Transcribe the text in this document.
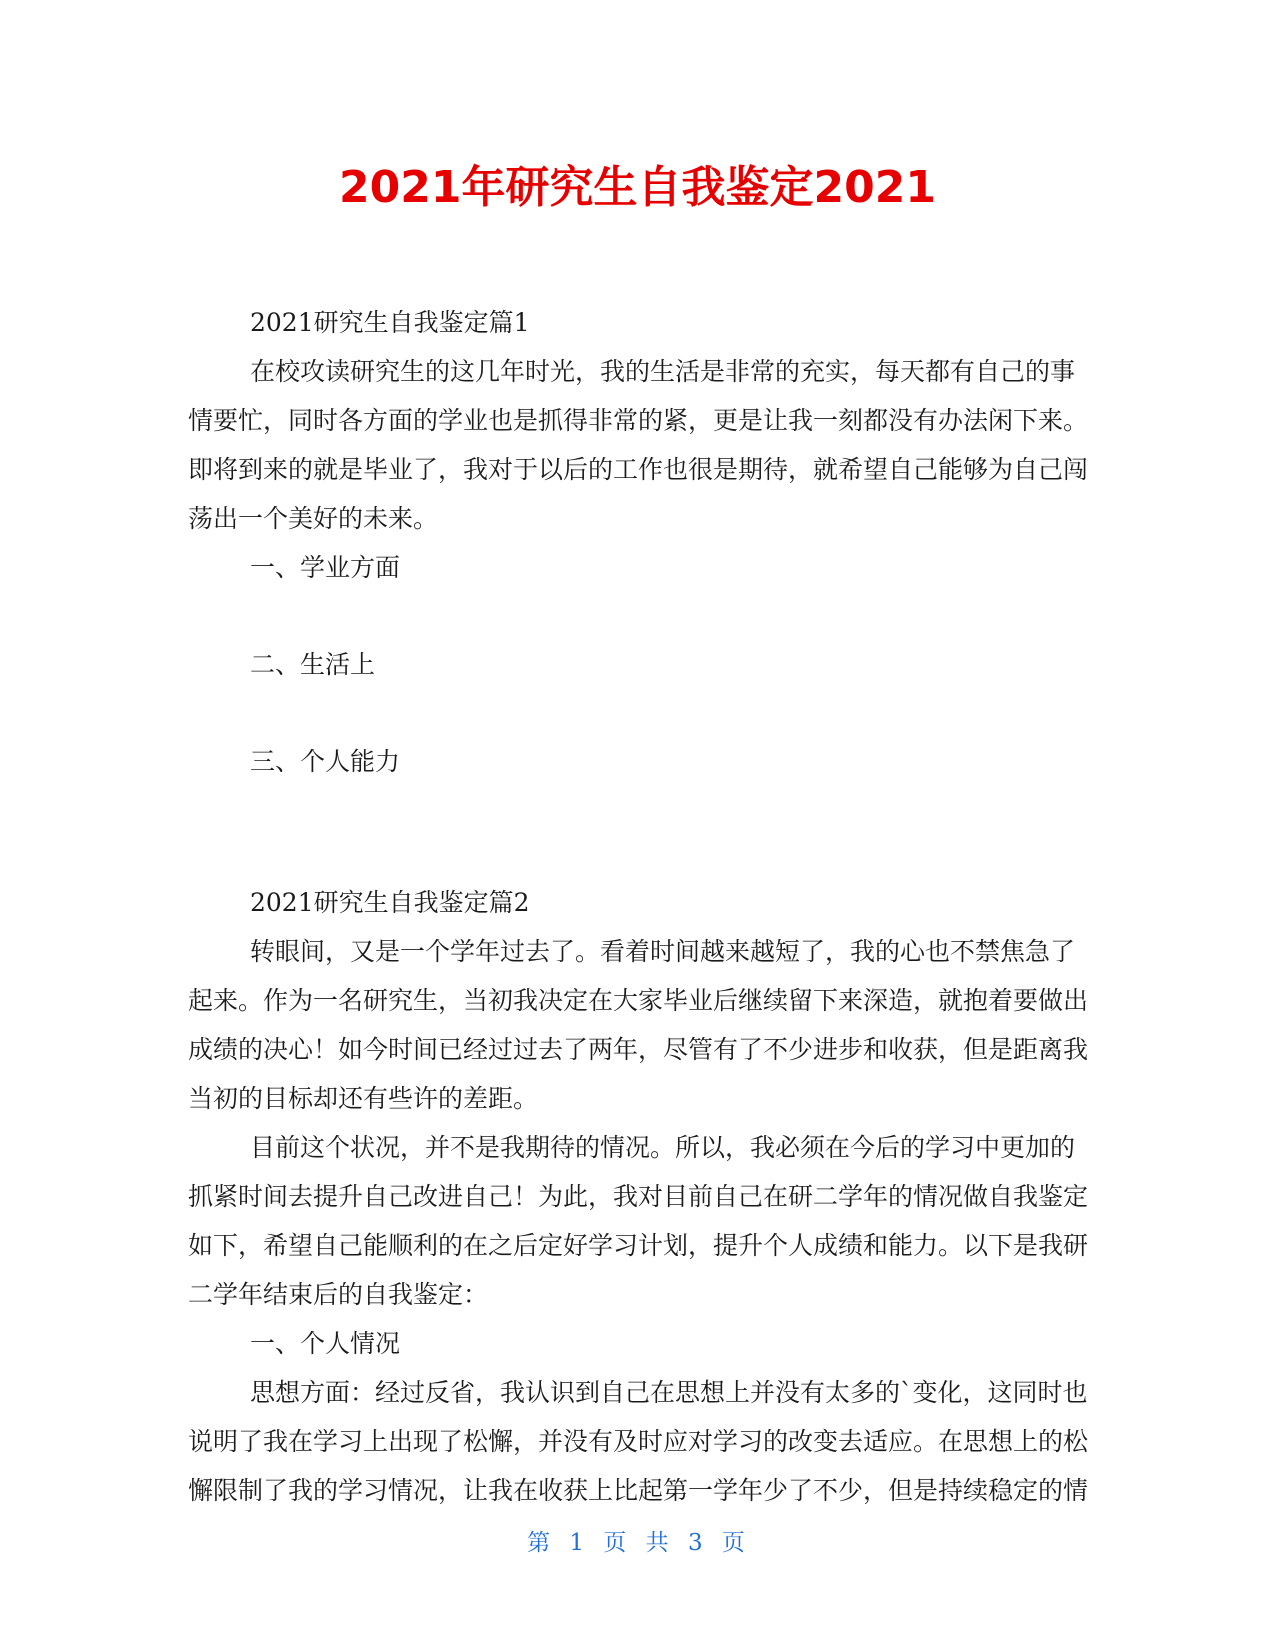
2021年研究生自我鉴定2021
2021研究生自我鉴定篇1
在校攻读研究生的这几年时光，我的生活是非常的充实，每天都有自己的事
情要忙，同时各方面的学业也是抓得非常的紧，更是让我一刻都没有办法闲下来。
即将到来的就是毕业了，我对于以后的工作也很是期待，就希望自己能够为自己闯
荡出一个美好的未来。
一、学业方面
二、生活上
三、个人能力
2021研究生自我鉴定篇2
转眼间，又是一个学年过去了。看着时间越来越短了，我的心也不禁焦急了
起来。作为一名研究生，当初我决定在大家毕业后继续留下来深造，就抱着要做出
成绩的决心！如今时间已经过过去了两年，尽管有了不少进步和收获，但是距离我
当初的目标却还有些许的差距。
目前这个状况，并不是我期待的情况。所以，我必须在今后的学习中更加的
抓紧时间去提升自己改进自己！为此，我对目前自己在研二学年的情况做自我鉴定
如下，希望自己能顺利的在之后定好学习计划，提升个人成绩和能力。以下是我研
二学年结束后的自我鉴定：
一、个人情况
思想方面：经过反省，我认识到自己在思想上并没有太多的`变化，这同时也
说明了我在学习上出现了松懈，并没有及时应对学习的改变去适应。在思想上的松
懈限制了我的学习情况，让我在收获上比起第一学年少了不少，但是持续稳定的情
第 1 页 共 3 页
